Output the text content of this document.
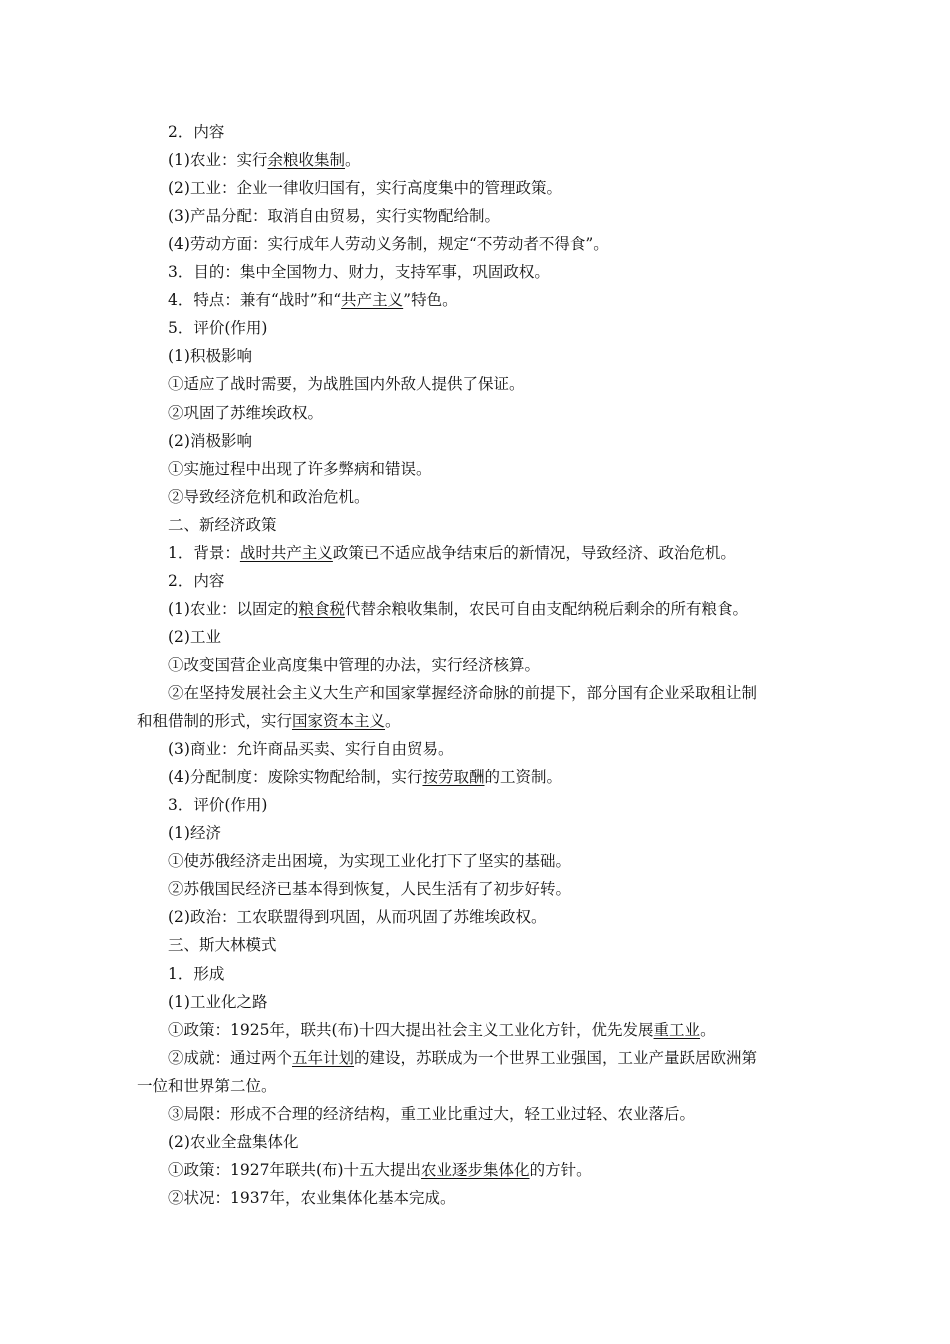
2．内容
(1)农业：实行余粮收集制。
(2)工业：企业一律收归国有，实行高度集中的管理政策。
(3)产品分配：取消自由贸易，实行实物配给制。
(4)劳动方面：实行成年人劳动义务制，规定“不劳动者不得食”。
3．目的：集中全国物力、财力，支持军事，巩固政权。
4．特点：兼有“战时”和“共产主义”特色。
5．评价(作用)
(1)积极影响
①适应了战时需要，为战胜国内外敌人提供了保证。
②巩固了苏维埃政权。
(2)消极影响
①实施过程中出现了许多弊病和错误。
②导致经济危机和政治危机。
二、新经济政策
1．背景：战时共产主义政策已不适应战争结束后的新情况，导致经济、政治危机。
2．内容
(1)农业：以固定的粮食税代替余粮收集制，农民可自由支配纳税后剩余的所有粮食。
(2)工业
①改变国营企业高度集中管理的办法，实行经济核算。
②在坚持发展社会主义大生产和国家掌握经济命脉的前提下，部分国有企业采取租让制
和租借制的形式，实行国家资本主义。
(3)商业：允许商品买卖、实行自由贸易。
(4)分配制度：废除实物配给制，实行按劳取酬的工资制。
3．评价(作用)
(1)经济
①使苏俄经济走出困境，为实现工业化打下了坚实的基础。
②苏俄国民经济已基本得到恢复，人民生活有了初步好转。
(2)政治：工农联盟得到巩固，从而巩固了苏维埃政权。
三、斯大林模式
1．形成
(1)工业化之路
①政策：1925年，联共(布)十四大提出社会主义工业化方针，优先发展重工业。
②成就：通过两个五年计划的建设，苏联成为一个世界工业强国，工业产量跃居欧洲第
一位和世界第二位。
③局限：形成不合理的经济结构，重工业比重过大，轻工业过轻、农业落后。
(2)农业全盘集体化
①政策：1927年联共(布)十五大提出农业逐步集体化的方针。
②状况：1937年，农业集体化基本完成。
